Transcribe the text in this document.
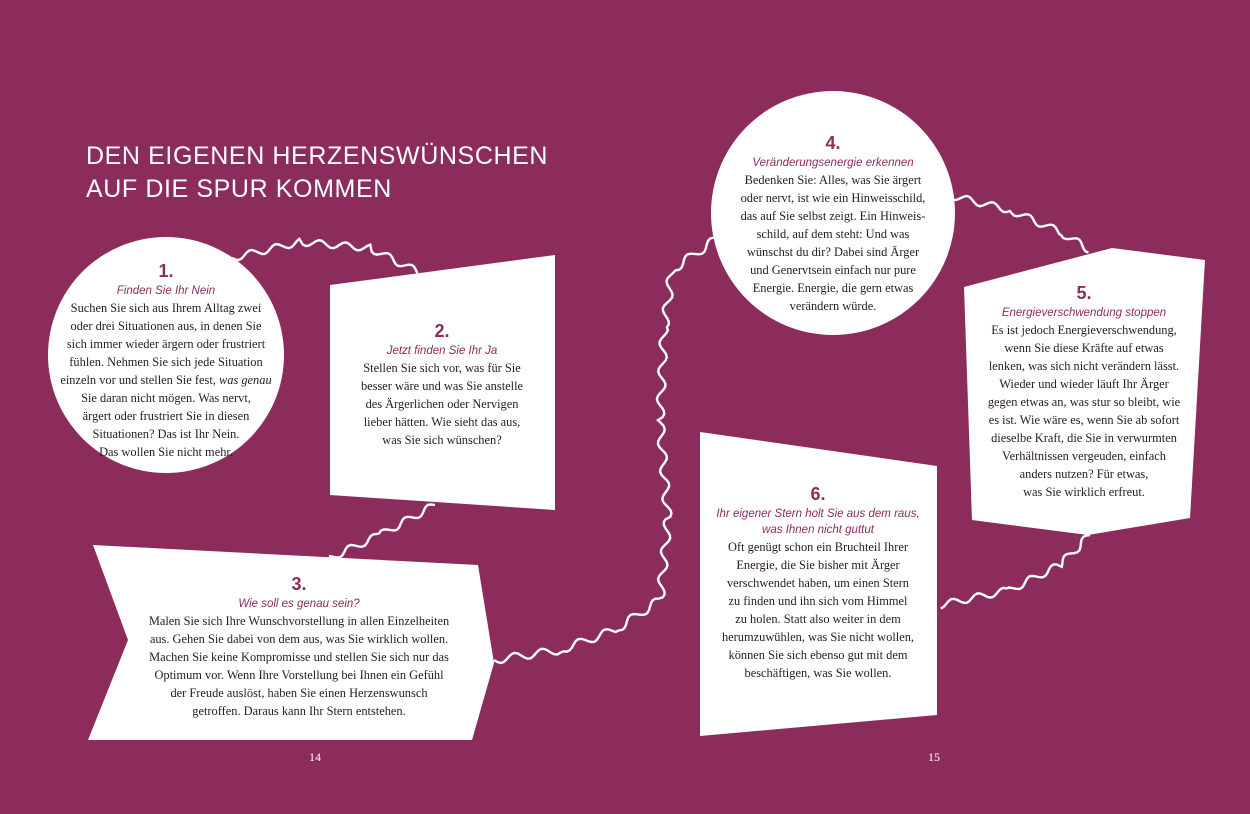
DEN EIGENEN HERZENSWÜNSCHEN
AUF DIE SPUR KOMMEN
1.
Finden Sie Ihr Nein
Suchen Sie sich aus Ihrem Alltag zwei
oder drei Situationen aus, in denen Sie
sich immer wieder ärgern oder frustriert
fühlen. Nehmen Sie sich jede Situation
einzeln vor und stellen Sie fest, was genau
Sie daran nicht mögen. Was nervt,
ärgert oder frustriert Sie in diesen
Situationen? Das ist Ihr Nein.
Das wollen Sie nicht mehr.
2.
Jetzt finden Sie Ihr Ja
Stellen Sie sich vor, was für Sie
besser wäre und was Sie anstelle
des Ärgerlichen oder Nervigen
lieber hätten. Wie sieht das aus,
was Sie sich wünschen?
3.
Wie soll es genau sein?
Malen Sie sich Ihre Wunschvorstellung in allen Einzelheiten
aus. Gehen Sie dabei von dem aus, was Sie wirklich wollen.
Machen Sie keine Kompromisse und stellen Sie sich nur das
Optimum vor. Wenn Ihre Vorstellung bei Ihnen ein Gefühl
der Freude auslöst, haben Sie einen Herzenswunsch
getroffen. Daraus kann Ihr Stern entstehen.
4.
Veränderungsenergie erkennen
Bedenken Sie: Alles, was Sie ärgert
oder nervt, ist wie ein Hinweisschild,
das auf Sie selbst zeigt. Ein Hinweis-
schild, auf dem steht: Und was
wünschst du dir? Dabei sind Ärger
und Genervtsein einfach nur pure
Energie. Energie, die gern etwas
verändern würde.
5.
Energieverschwendung stoppen
Es ist jedoch Energieverschwendung,
wenn Sie diese Kräfte auf etwas
lenken, was sich nicht verändern lässt.
Wieder und wieder läuft Ihr Ärger
gegen etwas an, was stur so bleibt, wie
es ist. Wie wäre es, wenn Sie ab sofort
dieselbe Kraft, die Sie in verwurmten
Verhältnissen vergeuden, einfach
anders nutzen? Für etwas,
was Sie wirklich erfreut.
6.
Ihr eigener Stern holt Sie aus dem raus,
was Ihnen nicht guttut
Oft genügt schon ein Bruchteil Ihrer
Energie, die Sie bisher mit Ärger
verschwendet haben, um einen Stern
zu finden und ihn sich vom Himmel
zu holen. Statt also weiter in dem
herumzuwühlen, was Sie nicht wollen,
können Sie sich ebenso gut mit dem
beschäftigen, was Sie wollen.
14	15
